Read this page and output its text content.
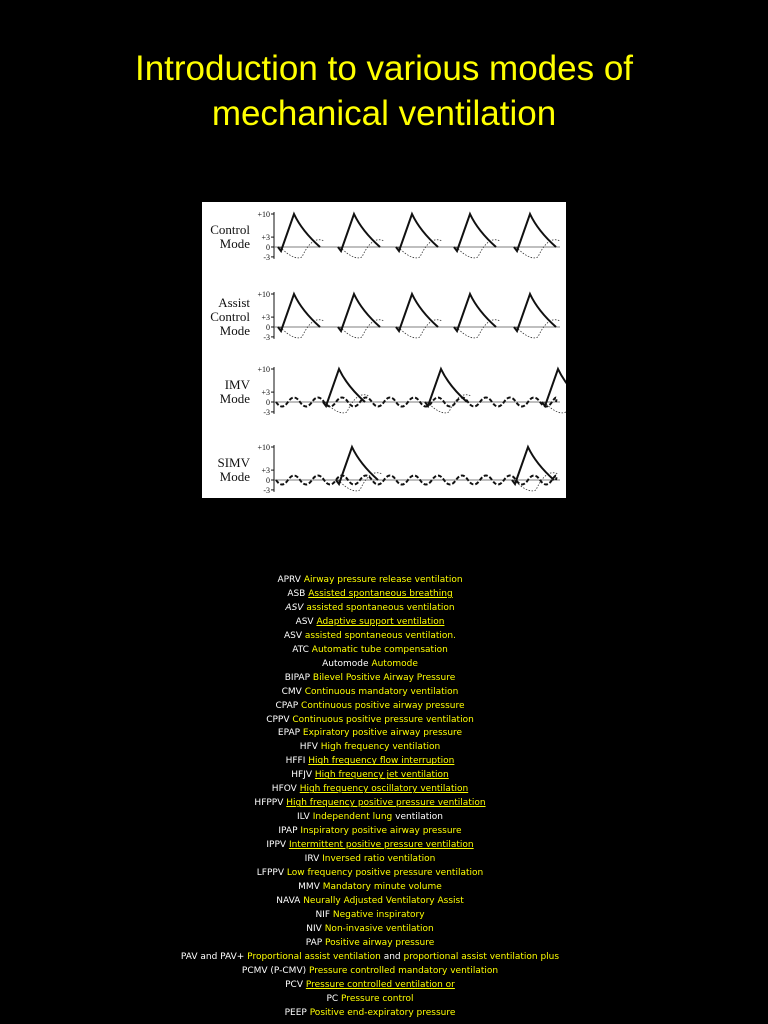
Introduction to various modes of
mechanical ventilation
Control
Mode
+10
+3
0
-3
Assist
Control
Mode
+10
+3
0
-3
IMV
Mode
+10
+3
0
-3
SIMV
Mode
+10
+3
0
-3
APRV Airway pressure release ventilation
ASB Assisted spontaneous breathing
ASV assisted spontaneous ventilation
ASV Adaptive support ventilation
ASV assisted spontaneous ventilation.
ATC Automatic tube compensation
Automode Automode
BIPAP Bilevel Positive Airway Pressure
CMV Continuous mandatory ventilation
CPAP Continuous positive airway pressure
CPPV Continuous positive pressure ventilation
EPAP Expiratory positive airway pressure
HFV High frequency ventilation
HFFI High frequency flow interruption
HFJV High frequency jet ventilation
HFOV High frequency oscillatory ventilation
HFPPV High frequency positive pressure ventilation
ILV Independent lung ventilation
IPAP Inspiratory positive airway pressure
IPPV Intermittent positive pressure ventilation
IRV Inversed ratio ventilation
LFPPV Low frequency positive pressure ventilation
MMV Mandatory minute volume
NAVA Neurally Adjusted Ventilatory Assist
NIF Negative inspiratory
NIV Non-invasive ventilation
PAP Positive airway pressure
PAV and PAV+ Proportional assist ventilation and proportional assist ventilation plus
PCMV (P-CMV) Pressure controlled mandatory ventilation
PCV Pressure controlled ventilation or
PC Pressure control
PEEP Positive end-expiratory pressure
